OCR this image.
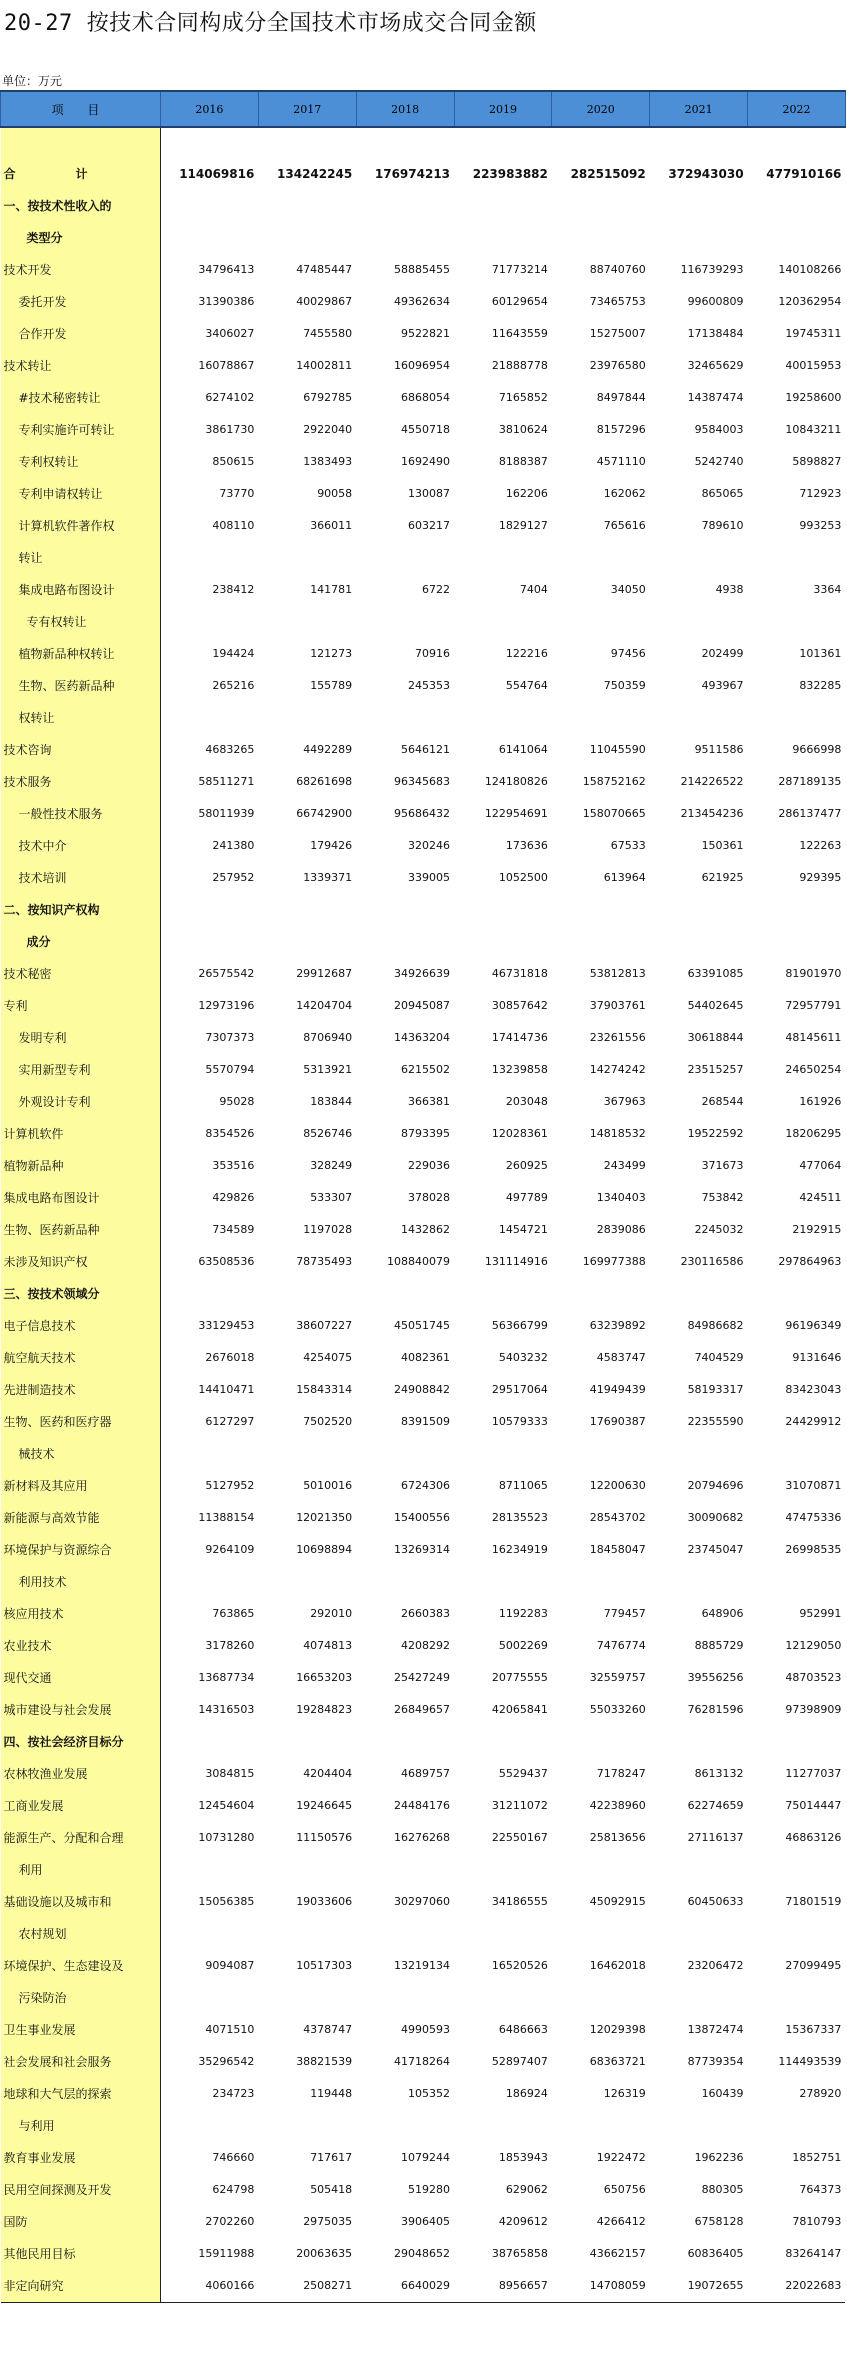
20-27 按技术合同构成分全国技术市场成交合同金额
单位：万元
项 目	2016	2017	2018	2019	2020	2021	2022

合　计	114069816	134242245	176974213	223983882	282515092	372943030	477910166
一、按技术性收入的							
类型分							
技术开发	34796413	47485447	58885455	71773214	88740760	116739293	140108266
委托开发	31390386	40029867	49362634	60129654	73465753	99600809	120362954
合作开发	3406027	7455580	9522821	11643559	15275007	17138484	19745311
技术转让	16078867	14002811	16096954	21888778	23976580	32465629	40015953
#技术秘密转让	6274102	6792785	6868054	7165852	8497844	14387474	19258600
专利实施许可转让	3861730	2922040	4550718	3810624	8157296	9584003	10843211
专利权转让	850615	1383493	1692490	8188387	4571110	5242740	5898827
专利申请权转让	73770	90058	130087	162206	162062	865065	712923
计算机软件著作权	408110	366011	603217	1829127	765616	789610	993253
转让							
集成电路布图设计	238412	141781	6722	7404	34050	4938	3364
专有权转让							
植物新品种权转让	194424	121273	70916	122216	97456	202499	101361
生物、医药新品种	265216	155789	245353	554764	750359	493967	832285
权转让							
技术咨询	4683265	4492289	5646121	6141064	11045590	9511586	9666998
技术服务	58511271	68261698	96345683	124180826	158752162	214226522	287189135
一般性技术服务	58011939	66742900	95686432	122954691	158070665	213454236	286137477
技术中介	241380	179426	320246	173636	67533	150361	122263
技术培训	257952	1339371	339005	1052500	613964	621925	929395
二、按知识产权构							
成分							
技术秘密	26575542	29912687	34926639	46731818	53812813	63391085	81901970
专利	12973196	14204704	20945087	30857642	37903761	54402645	72957791
发明专利	7307373	8706940	14363204	17414736	23261556	30618844	48145611
实用新型专利	5570794	5313921	6215502	13239858	14274242	23515257	24650254
外观设计专利	95028	183844	366381	203048	367963	268544	161926
计算机软件	8354526	8526746	8793395	12028361	14818532	19522592	18206295
植物新品种	353516	328249	229036	260925	243499	371673	477064
集成电路布图设计	429826	533307	378028	497789	1340403	753842	424511
生物、医药新品种	734589	1197028	1432862	1454721	2839086	2245032	2192915
未涉及知识产权	63508536	78735493	108840079	131114916	169977388	230116586	297864963
三、按技术领域分							
电子信息技术	33129453	38607227	45051745	56366799	63239892	84986682	96196349
航空航天技术	2676018	4254075	4082361	5403232	4583747	7404529	9131646
先进制造技术	14410471	15843314	24908842	29517064	41949439	58193317	83423043
生物、医药和医疗器	6127297	7502520	8391509	10579333	17690387	22355590	24429912
械技术							
新材料及其应用	5127952	5010016	6724306	8711065	12200630	20794696	31070871
新能源与高效节能	11388154	12021350	15400556	28135523	28543702	30090682	47475336
环境保护与资源综合	9264109	10698894	13269314	16234919	18458047	23745047	26998535
利用技术							
核应用技术	763865	292010	2660383	1192283	779457	648906	952991
农业技术	3178260	4074813	4208292	5002269	7476774	8885729	12129050
现代交通	13687734	16653203	25427249	20775555	32559757	39556256	48703523
城市建设与社会发展	14316503	19284823	26849657	42065841	55033260	76281596	97398909
四、按社会经济目标分							
农林牧渔业发展	3084815	4204404	4689757	5529437	7178247	8613132	11277037
工商业发展	12454604	19246645	24484176	31211072	42238960	62274659	75014447
能源生产、分配和合理	10731280	11150576	16276268	22550167	25813656	27116137	46863126
利用							
基础设施以及城市和	15056385	19033606	30297060	34186555	45092915	60450633	71801519
农村规划							
环境保护、生态建设及	9094087	10517303	13219134	16520526	16462018	23206472	27099495
污染防治							
卫生事业发展	4071510	4378747	4990593	6486663	12029398	13872474	15367337
社会发展和社会服务	35296542	38821539	41718264	52897407	68363721	87739354	114493539
地球和大气层的探索	234723	119448	105352	186924	126319	160439	278920
与利用							
教育事业发展	746660	717617	1079244	1853943	1922472	1962236	1852751
民用空间探测及开发	624798	505418	519280	629062	650756	880305	764373
国防	2702260	2975035	3906405	4209612	4266412	6758128	7810793
其他民用目标	15911988	20063635	29048652	38765858	43662157	60836405	83264147
非定向研究	4060166	2508271	6640029	8956657	14708059	19072655	22022683
